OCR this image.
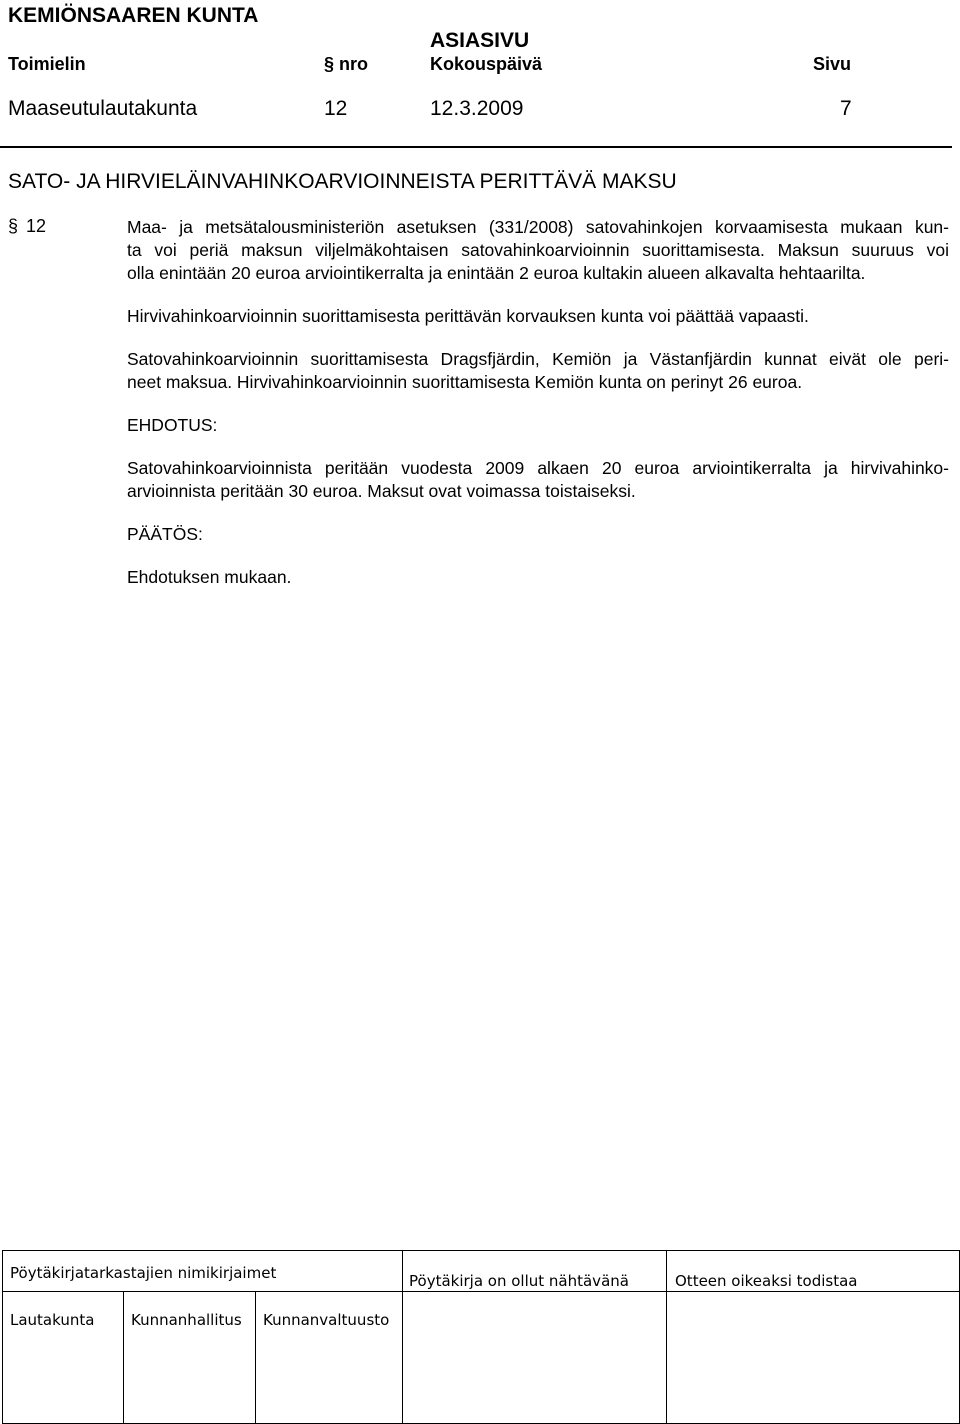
KEMIÖNSAAREN KUNTA
ASIASIVU
Toimielin	§ nro	Kokouspäivä	Sivu
Maaseutulautakunta	12	12.3.2009	7
SATO- JA HIRVIELÄINVAHINKOARVIOINNEISTA PERITTÄVÄ MAKSU
§ 12	Maa- ja metsätalousministeriön asetuksen (331/2008) satovahinkojen korvaamisesta mukaan kun-
ta voi periä maksun viljelmäkohtaisen satovahinkoarvioinnin suorittamisesta. Maksun suuruus voi
olla enintään 20 euroa arviointikerralta ja enintään 2 euroa kultakin alueen alkavalta hehtaarilta.

Hirvivahinkoarvioinnin suorittamisesta perittävän korvauksen kunta voi päättää vapaasti.

Satovahinkoarvioinnin suorittamisesta Dragsfjärdin, Kemiön ja Västanfjärdin kunnat eivät ole peri-
neet maksua. Hirvivahinkoarvioinnin suorittamisesta Kemiön kunta on perinyt 26 euroa.

EHDOTUS:

Satovahinkoarvioinnista peritään vuodesta 2009 alkaen 20 euroa arviointikerralta ja hirvivahinko-
arvioinnista peritään 30 euroa. Maksut ovat voimassa toistaiseksi.

PÄÄTÖS:

Ehdotuksen mukaan.

Pöytäkirjatarkastajien nimikirjaimet	Pöytäkirja on ollut nähtävänä	Otteen oikeaksi todistaa
Lautakunta Kunnanhallitus Kunnanvaltuusto
